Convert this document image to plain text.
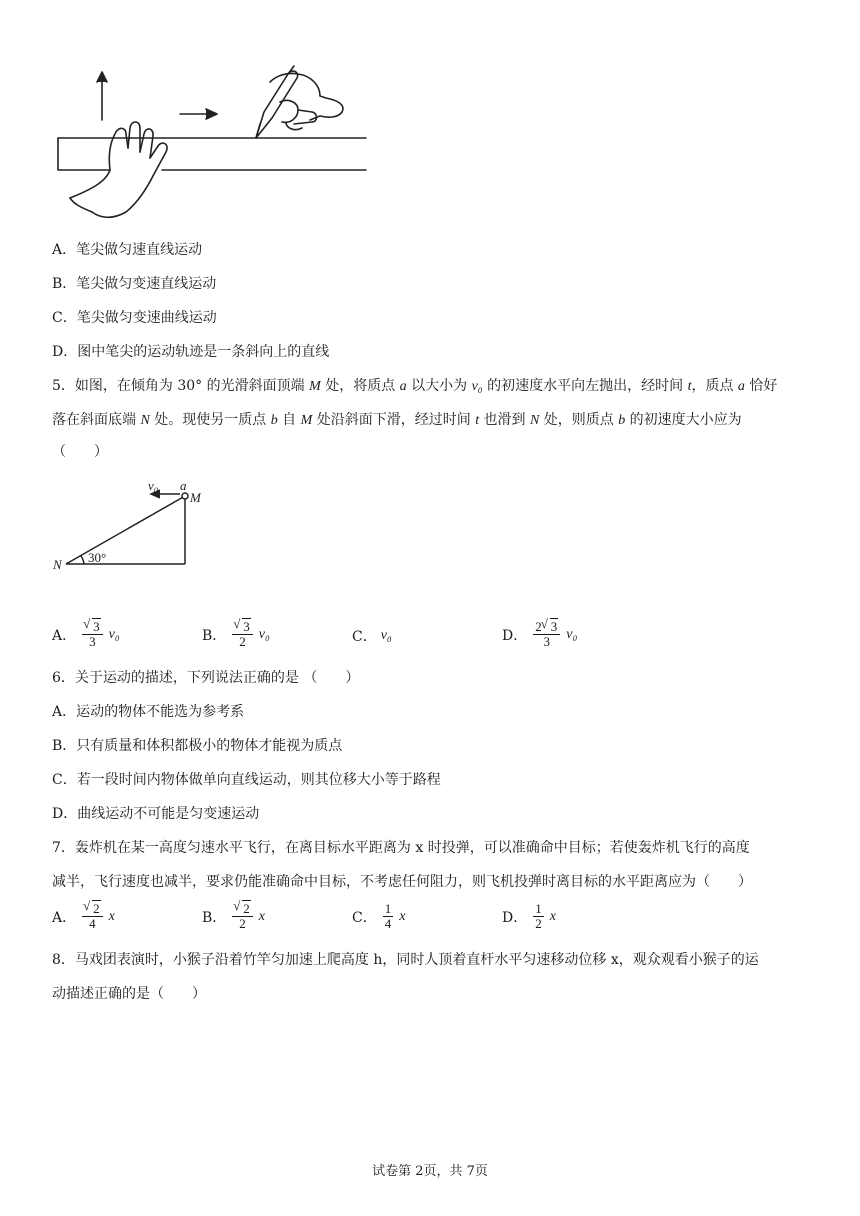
A．笔尖做匀速直线运动
B．笔尖做匀变速直线运动
C．笔尖做匀变速曲线运动
D．图中笔尖的运动轨迹是一条斜向上的直线
5．如图，在倾角为 30° 的光滑斜面顶端 M 处，将质点 a 以大小为 v₀ 的初速度水平向左抛出，经时间 t，质点 a 恰好
落在斜面底端 N 处。现使另一质点 b 自 M 处沿斜面下滑，经过时间 t 也滑到 N 处，则质点 b 的初速度大小应为
（　　）
v₀ a
M
N 30°
A． √ $\frac{3}{3} v_0$	B． √ $\frac{3}{2} v_0$	C． v₀	D． $\frac{2 √ 3}{3} v_0$
6．关于运动的描述，下列说法正确的是 （　　）
A．运动的物体不能选为参考系
B．只有质量和体积都极小的物体才能视为质点
C．若一段时间内物体做单向直线运动，则其位移大小等于路程
D．曲线运动不可能是匀变速运动
7．轰炸机在某一高度匀速水平飞行，在离目标水平距离为 x 时投弹，可以准确命中目标；若使轰炸机飞行的高度
减半，飞行速度也减半，要求仍能准确命中目标，不考虑任何阻力，则飞机投弹时离目标的水平距离应为（　　）
A． √ $\frac{2}{4}$ x	B． √ $\frac{2}{2}$ x	C． $\frac{1}{4}$ x	D． $\frac{1}{2}$ x
8．马戏团表演时，小猴子沿着竹竿匀加速上爬高度 h，同时人顶着直杆水平匀速移动位移 x，观众观看小猴子的运
动描述正确的是（　　）
试卷第 2页，共 7页
